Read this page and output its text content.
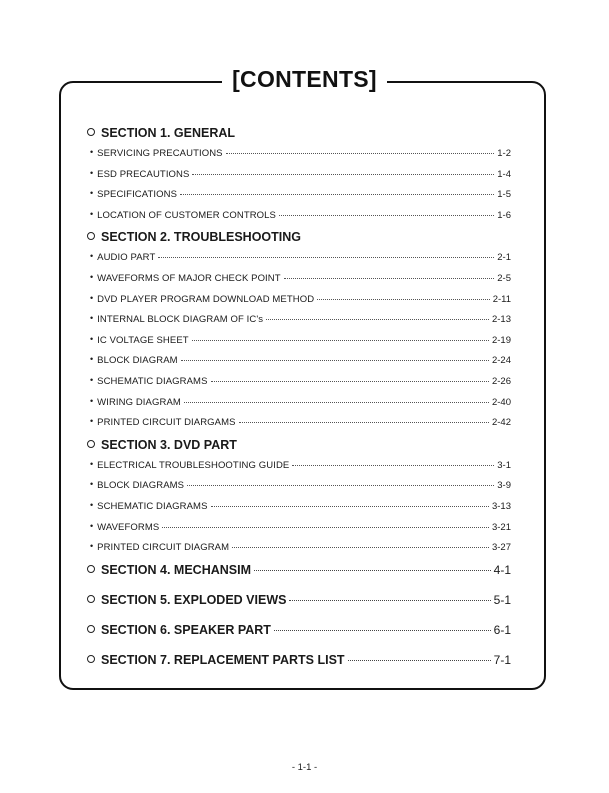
[CONTENTS]
SECTION 1. GENERAL
• SERVICING PRECAUTIONS	1-2
• ESD PRECAUTIONS	1-4
• SPECIFICATIONS	1-5
• LOCATION OF CUSTOMER CONTROLS	1-6
SECTION 2. TROUBLESHOOTING
• AUDIO PART	2-1
• WAVEFORMS OF MAJOR CHECK POINT	2-5
• DVD PLAYER PROGRAM DOWNLOAD METHOD	2-11
• INTERNAL BLOCK DIAGRAM OF IC's	2-13
• IC VOLTAGE SHEET	2-19
• BLOCK DIAGRAM	2-24
• SCHEMATIC DIAGRAMS	2-26
• WIRING DIAGRAM	2-40
• PRINTED CIRCUIT DIARGAMS	2-42
SECTION 3. DVD PART
• ELECTRICAL TROUBLESHOOTING GUIDE	3-1
• BLOCK DIAGRAMS	3-9
• SCHEMATIC DIAGRAMS	3-13
• WAVEFORMS	3-21
• PRINTED CIRCUIT DIAGRAM	3-27
SECTION 4. MECHANSIM	4-1
SECTION 5. EXPLODED VIEWS	5-1
SECTION 6. SPEAKER PART	6-1
SECTION 7. REPLACEMENT PARTS LIST	7-1
- 1-1 -
